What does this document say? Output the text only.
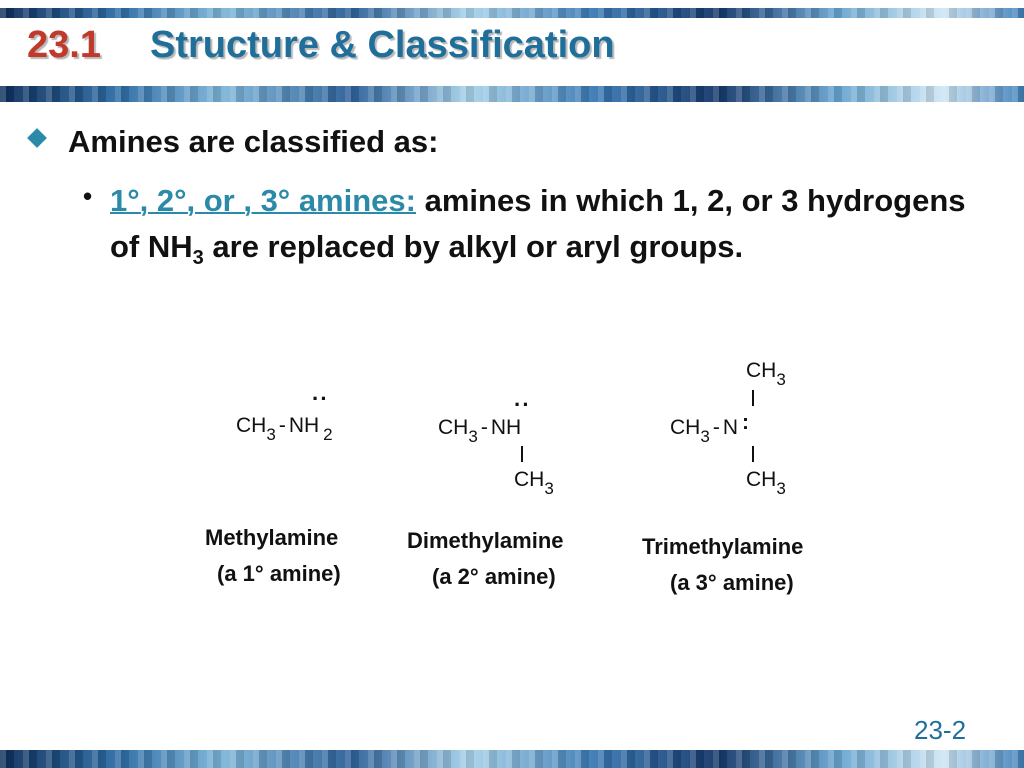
23.1 Structure & Classification
Amines are classified as:
• 1°, 2°, or , 3° amines: amines in which 1, 2, or 3 hydrogens of $NH_3$ are replaced by alkyl or aryl groups.
··
$CH_3$ - NH $_2$
Methylamine
(a 1° amine)
··
$CH_3$ - NH
$CH_3$
Dimethylamine
(a 2° amine)
$CH_3$
$CH_3$ - N :
$CH_3$
Trimethylamine
(a 3° amine)
23-2
